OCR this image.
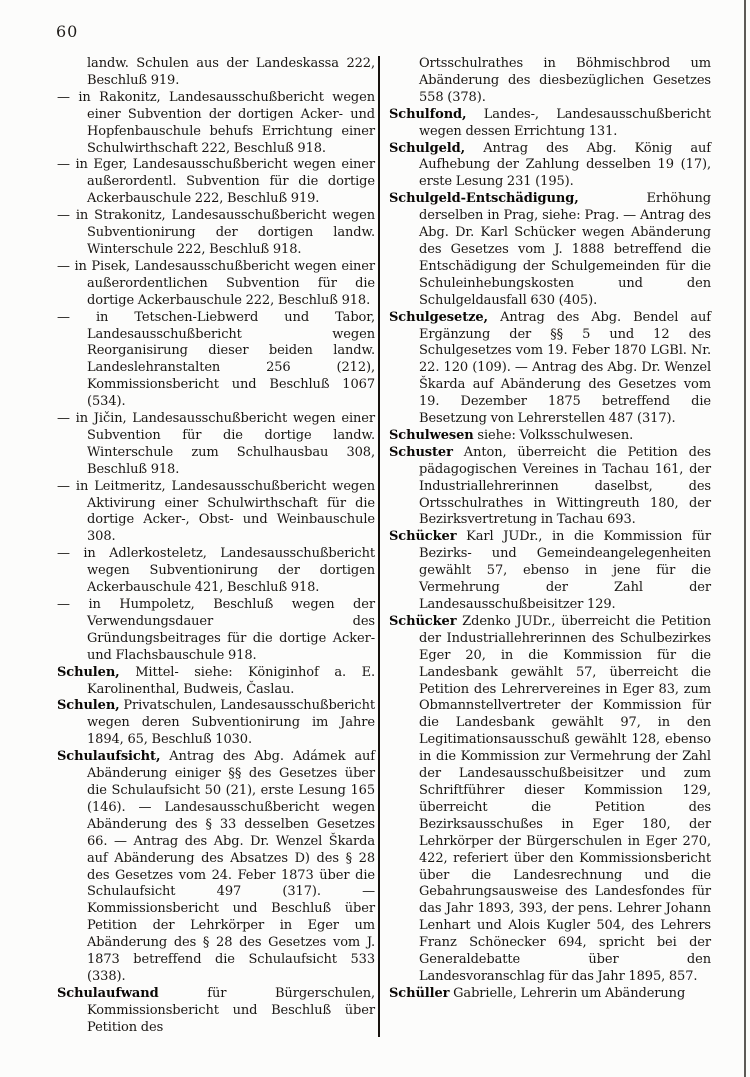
60

landw. Schulen aus der Landeskassa 222, Beschluß 919.

— in Rakonitz, Landesausschußbericht wegen einer Subvention der dortigen Acker- und Hopfenbauschule behufs Errichtung einer Schulwirthschaft 222, Beschluß 918.

— in Eger, Landesausschußbericht wegen einer außerordentl. Subvention für die dortige Ackerbauschule 222, Beschluß 919.

— in Strakonitz, Landesausschußbericht wegen Subventionirung der dortigen landw. Winterschule 222, Beschluß 918.

— in Pisek, Landesausschußbericht wegen einer außerordentlichen Subvention für die dortige Ackerbauschule 222, Beschluß 918.

— in Tetschen-Liebwerd und Tabor, Landesausschußbericht wegen Reorganisirung dieser beiden landw. Landeslehranstalten 256 (212), Kommissionsbericht und Beschluß 1067 (534).

— in Jičin, Landesausschußbericht wegen einer Subvention für die dortige landw. Winterschule zum Schulhausbau 308, Beschluß 918.

— in Leitmeritz, Landesausschußbericht wegen Aktivirung einer Schulwirthschaft für die dortige Acker-, Obst- und Weinbauschule 308.

— in Adlerkosteletz, Landesausschußbericht wegen Subventionirung der dortigen Ackerbauschule 421, Beschluß 918.

— in Humpoletz, Beschluß wegen der Verwendungsdauer des Gründungsbeitrages für die dortige Acker- und Flachsbauschule 918.

Schulen, Mittel- siehe: Königinhof a. E. Karolinenthal, Budweis, Časlau.

Schulen, Privatschulen, Landesausschußbericht wegen deren Subventionirung im Jahre 1894, 65, Beschluß 1030.

Schulaufsicht, Antrag des Abg. Adámek auf Abänderung einiger §§ des Gesetzes über die Schulaufsicht 50 (21), erste Lesung 165 (146). — Landesausschußbericht wegen Abänderung des § 33 desselben Gesetzes 66. — Antrag des Abg. Dr. Wenzel Škarda auf Abänderung des Absatzes D) des § 28 des Gesetzes vom 24. Feber 1873 über die Schulaufsicht 497 (317). — Kommissionsbericht und Beschluß über Petition der Lehrkörper in Eger um Abänderung des § 28 des Gesetzes vom J. 1873 betreffend die Schulaufsicht 533 (338).

Schulaufwand	für Bürgerschulen, Kommissionsbericht und Beschluß über Petition des

Ortsschulrathes in Böhmischbrod um Abänderung des diesbezüglichen Gesetzes 558 (378).

Schulfond, Landes-, Landesausschußbericht wegen dessen Errichtung 131.

Schulgeld, Antrag des Abg. König auf Aufhebung der Zahlung desselben 19 (17), erste Lesung 231 (195).

Schulgeld-Entschädigung,	Erhöhung derselben in Prag, siehe: Prag. — Antrag des Abg. Dr. Karl Schücker wegen Abänderung des Gesetzes vom J. 1888 betreffend die Entschädigung der Schulgemeinden für die Schuleinhebungskosten und den Schulgeldausfall 630 (405).

Schulgesetze, Antrag des Abg. Bendel auf Ergänzung der §§ 5 und 12 des Schulgesetzes vom 19. Feber 1870 LGBl. Nr. 22. 120 (109). — Antrag des Abg. Dr. Wenzel Škarda auf Abänderung des Gesetzes vom 19. Dezember 1875 betreffend die Besetzung von Lehrerstellen 487 (317).

Schulwesen siehe: Volksschulwesen.

Schuster Anton, überreicht die Petition des pädagogischen Vereines in Tachau 161, der Industriallehrerinnen daselbst, des Ortsschulrathes in Wittingreuth 180, der Bezirksvertretung in Tachau 693.

Schücker Karl JUDr., in die Kommission für Bezirks- und Gemeindeangelegenheiten gewählt 57, ebenso in jene für die Vermehrung der Zahl der Landesausschußbeisitzer 129.

Schücker Zdenko JUDr., überreicht die Petition der Industriallehrerinnen des Schulbezirkes Eger 20, in die Kommission für die Landesbank gewählt 57, überreicht die Petition des Lehrervereines in Eger 83, zum Obmannstellvertreter der Kommission für die Landesbank gewählt 97, in den Legitimationsausschuß gewählt 128, ebenso in die Kommission zur Vermehrung der Zahl der Landesausschußbeisitzer und zum Schriftführer dieser Kommission 129, überreicht die Petition des Bezirksausschußes in Eger 180, der Lehrkörper der Bürgerschulen in Eger 270, 422, referiert über den Kommissionsbericht über die Landesrechnung und die Gebahrungsausweise des Landesfondes für das Jahr 1893, 393, der pens. Lehrer Johann Lenhart und Alois Kugler 504, des Lehrers Franz Schönecker 694, spricht bei der Generaldebatte über den Landesvoranschlag für das Jahr 1895, 857.

Schüller Gabrielle, Lehrerin um Abänderung
